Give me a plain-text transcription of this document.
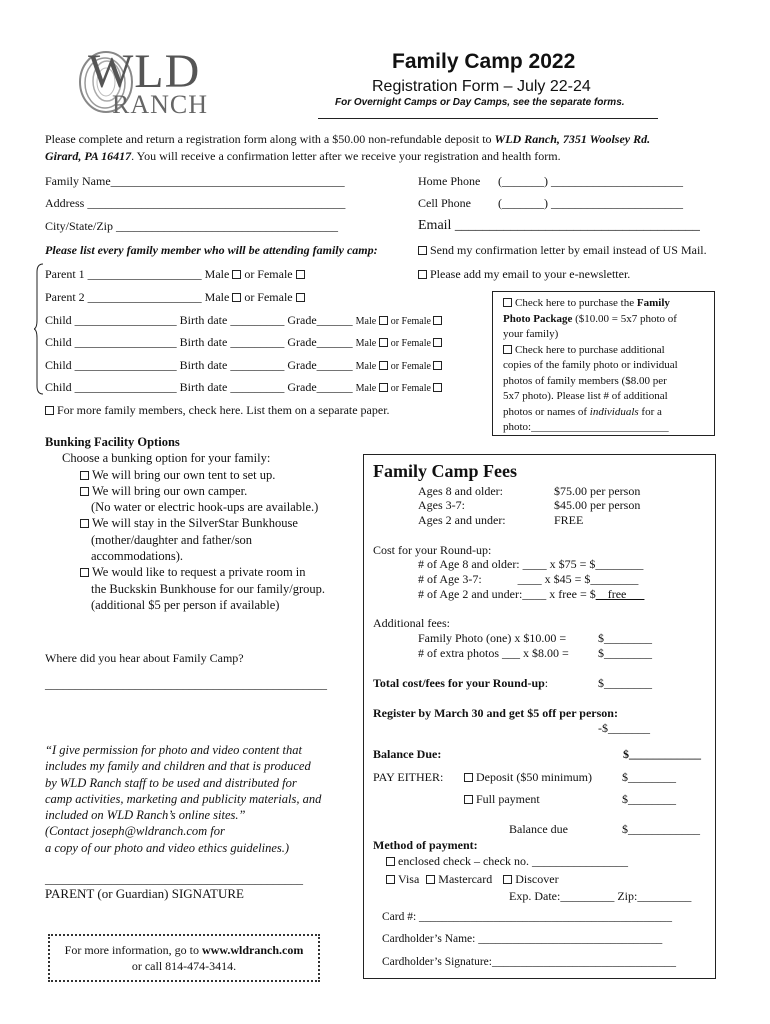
WLD
RANCH
Family Camp 2022
Registration Form – July 22-24
For Overnight Camps or Day Camps, see the separate forms.
Please complete and return a registration form along with a $50.00 non-refundable deposit to WLD Ranch, 7351 Woolsey Rd.
Girard, PA 16417. You will receive a confirmation letter after we receive your registration and health form.
Family Name_______________________________________
Address ___________________________________________
City/State/Zip _____________________________________
Please list every family member who will be attending family camp:
Home Phone (_______) ______________________
Cell Phone (_______) ______________________
Email ___________________________________
Send my confirmation letter by email instead of US Mail.
Please add my email to your e-newsletter.
Parent 1 ___________________ Male or Female
Parent 2 ___________________ Male or Female
Child _________________ Birth date _________ Grade______ Male or Female
Child _________________ Birth date _________ Grade______ Male or Female
Child _________________ Birth date _________ Grade______ Male or Female
Child _________________ Birth date _________ Grade______ Male or Female
For more family members, check here. List them on a separate paper.
Check here to purchase the Family
Photo Package ($10.00 = 5x7 photo of
your family)
Check here to purchase additional
copies of the family photo or individual
photos of family members ($8.00 per
5x7 photo). Please list # of additional
photos or names of individuals for a
photo:_________________________
Bunking Facility Options
Choose a bunking option for your family:
We will bring our own tent to set up.
We will bring our own camper.
(No water or electric hook-ups are available.)
We will stay in the SilverStar Bunkhouse
(mother/daughter and father/son
accommodations).
We would like to request a private room in
the Buckskin Bunkhouse for our family/group.
(additional $5 per person if available)
Where did you hear about Family Camp?
_______________________________________________
“I give permission for photo and video content that
includes my family and children and that is produced
by WLD Ranch staff to be used and distributed for
camp activities, marketing and publicity materials, and
included on WLD Ranch’s online sites.”
(Contact joseph@wldranch.com for
a copy of our photo and video ethics guidelines.)
___________________________________________
PARENT (or Guardian) SIGNATURE
For more information, go to www.wldranch.com
or call 814-474-3414.
Family Camp Fees
Ages 8 and older:	$75.00 per person
Ages 3-7:	$45.00 per person
Ages 2 and under:	FREE
Cost for your Round-up:
# of Age 8 and older: ____ x $75 = $________
# of Age 3-7:            ____ x $45 = $________
# of Age 2 and under:____ x free = $__free___
Additional fees:
Family Photo (one) x $10.00 =	$________
# of extra photos ___ x $8.00 = $________
Total cost/fees for your Round-up:	$________
Register by March 30 and get $5 off per person:
-$_______
Balance Due:	$____________
PAY EITHER:	Deposit ($50 minimum)	$________
Full payment	$________
Balance due	$____________
Method of payment:
enclosed check – check no. ________________
Visa Mastercard Discover
Exp. Date:_________ Zip:_________
Card #: ____________________________________________
Cardholder’s Name: ________________________________
Cardholder’s Signature:________________________________
